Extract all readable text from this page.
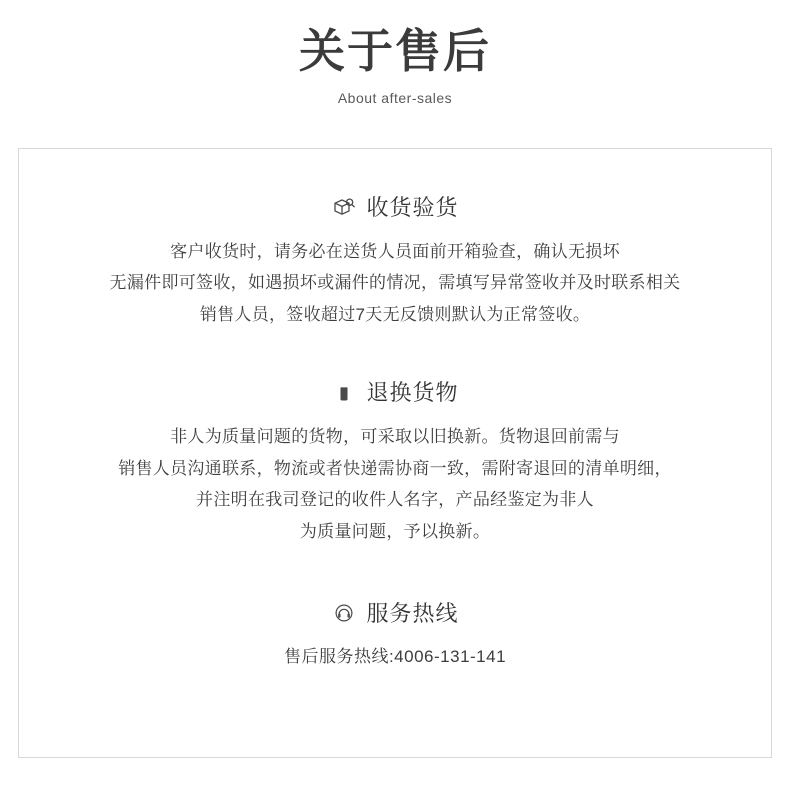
关于售后
About after-sales
收货验货

客户收货时，请务必在送货人员面前开箱验查，确认无损坏

无漏件即可签收，如遇损坏或漏件的情况，需填写异常签收并及时联系相关

销售人员，签收超过7天无反馈则默认为正常签收。

退换货物

非人为质量问题的货物，可采取以旧换新。货物退回前需与

销售人员沟通联系，物流或者快递需协商一致，需附寄退回的清单明细，

并注明在我司登记的收件人名字，产品经鉴定为非人

为质量问题，予以换新。

服务热线
售后服务热线:4006-131-141
